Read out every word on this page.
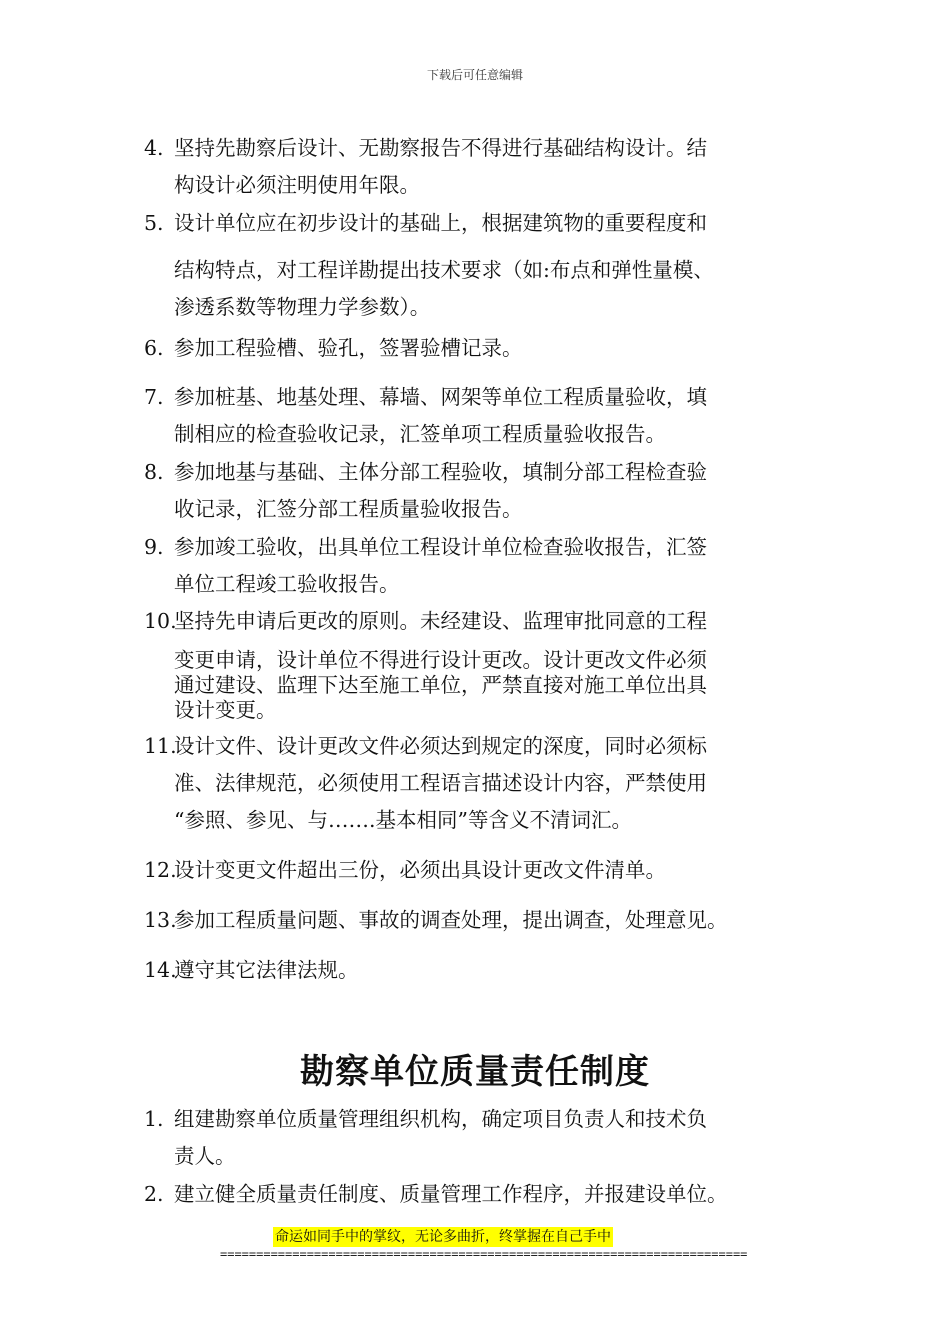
下载后可任意编辑
4. 坚持先勘察后设计、无勘察报告不得进行基础结构设计。结
构设计必须注明使用年限。
5. 设计单位应在初步设计的基础上，根据建筑物的重要程度和
结构特点，对工程详勘提出技术要求（如:布点和弹性量模、
渗透系数等物理力学参数）。
6. 参加工程验槽、验孔，签署验槽记录。
7. 参加桩基、地基处理、幕墙、网架等单位工程质量验收，填
制相应的检查验收记录，汇签单项工程质量验收报告。
8. 参加地基与基础、主体分部工程验收，填制分部工程检查验
收记录，汇签分部工程质量验收报告。
9. 参加竣工验收，出具单位工程设计单位检查验收报告，汇签
单位工程竣工验收报告。
10.
坚持先申请后更改的原则。未经建设、监理审批同意的工程
变更申请，设计单位不得进行设计更改。设计更改文件必须
通过建设、监理下达至施工单位，严禁直接对施工单位出具
设计变更。
11.
设计文件、设计更改文件必须达到规定的深度，同时必须标
准、法律规范，必须使用工程语言描述设计内容，严禁使用
“参照、参见、与…….基本相同”等含义不清词汇。
12.
设计变更文件超出三份，必须出具设计更改文件清单。
13.
参加工程质量问题、事故的调查处理，提出调查，处理意见。
14.
遵守其它法律法规。
勘察单位质量责任制度
1. 组建勘察单位质量管理组织机构，确定项目负责人和技术负
责人。
2. 建立健全质量责任制度、质量管理工作程序，并报建设单位。
命运如同手中的掌纹，无论多曲折，终掌握在自己手中
=========================================================================
